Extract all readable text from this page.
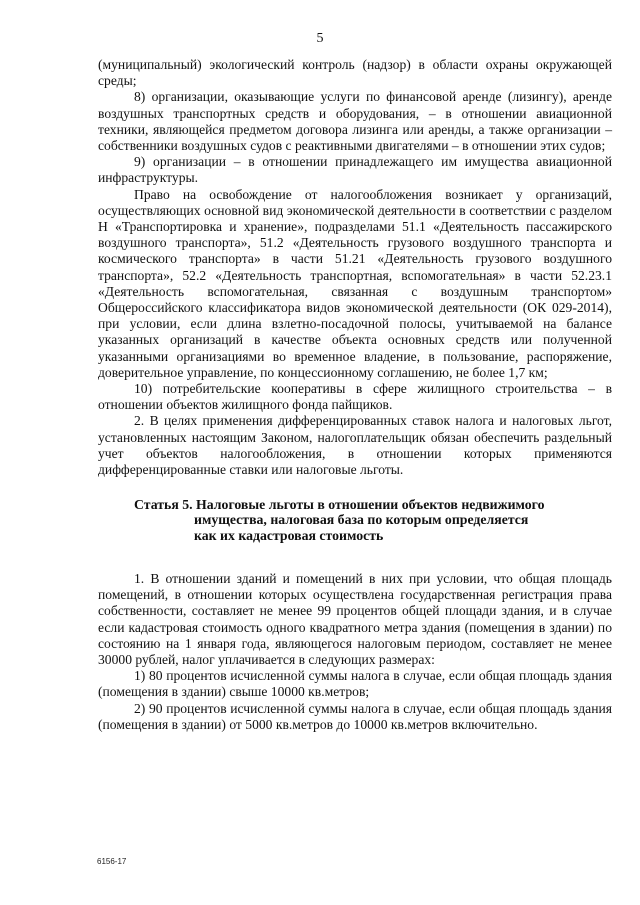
5

(муниципальный) экологический контроль (надзор) в области охраны окружающей среды;

8) организации, оказывающие услуги по финансовой аренде (лизингу), аренде воздушных транспортных средств и оборудования, – в отношении авиационной техники, являющейся предметом договора лизинга или аренды, а также организации – собственники воздушных судов с реактивными двигателями – в отношении этих судов;

9) организации – в отношении принадлежащего им имущества авиационной инфраструктуры.

Право на освобождение от налогообложения возникает у организаций, осуществляющих основной вид экономической деятельности в соответствии с разделом Н «Транспортировка и хранение», подразделами 51.1 «Деятельность пассажирского воздушного транспорта», 51.2 «Деятельность грузового воздушного транспорта и космического транспорта» в части 51.21 «Деятельность грузового воздушного транспорта», 52.2 «Деятельность транспортная, вспомогательная» в части 52.23.1 «Деятельность вспомогательная, связанная с воздушным транспортом» Общероссийского классификатора видов экономической деятельности (ОК 029-2014), при условии, если длина взлетно-посадочной полосы, учитываемой на балансе указанных организаций в качестве объекта основных средств или полученной указанными организациями во временное владение, в пользование, распоряжение, доверительное управление, по концессионному соглашению, не более 1,7 км;

10) потребительские кооперативы в сфере жилищного строительства – в отношении объектов жилищного фонда пайщиков.

2. В целях применения дифференцированных ставок налога и налоговых льгот, установленных настоящим Законом, налогоплательщик обязан обеспечить раздельный учет объектов налогообложения, в отношении которых применяются дифференцированные ставки или налоговые льготы.

Статья 5. Налоговые льготы в отношении объектов недвижимого
имущества, налоговая база по которым определяется
как их кадастровая стоимость

1. В отношении зданий и помещений в них при условии, что общая площадь помещений, в отношении которых осуществлена государственная регистрация права собственности, составляет не менее 99 процентов общей площади здания, и в случае если кадастровая стоимость одного квадратного метра здания (помещения в здании) по состоянию на 1 января года, являющегося налоговым периодом, составляет не менее 30000 рублей, налог уплачивается в следующих размерах:

1) 80 процентов исчисленной суммы налога в случае, если общая площадь здания (помещения в здании) свыше 10000 кв.метров;

2) 90 процентов исчисленной суммы налога в случае, если общая площадь здания (помещения в здании) от 5000 кв.метров до 10000 кв.метров включительно.

6156-17
